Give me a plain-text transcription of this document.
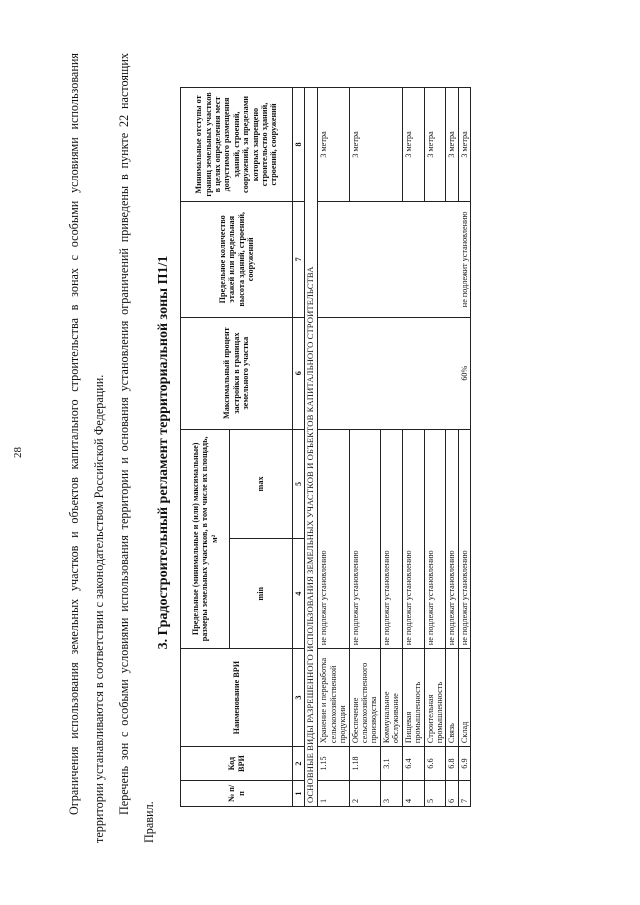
28	Ограничения использования земельных участков и объектов капитального строительства в зонах с особыми условиями использования территории устанавливаются в соответствии с законодательством Российской Федерации. Перечень зон с особыми условиями использования территории и основания установления ограничений приведены в пункте 22 настоящих Правил.

3. Градостроительный регламент территориальной зоны П1/1
№ п/п	Код ВРИ	Наименование ВРИ	Предельные (минимальные и (или) максимальные) размеры земельных участков, в том числе их площадь, м²		Максимальный процент застройки в границах земельного участка	Предельное количество этажей или предельная высота зданий, строений, сооружений	Минимальные отступы от границ земельных участков в целях определения мест допустимого размещения зданий, строений, сооружений, за пределами которых запрещено строительство зданий, строений, сооружений
			min	max			
1	2	3	4	5	6	7	8
ОСНОВНЫЕ ВИДЫ РАЗРЕШЕННОГО ИСПОЛЬЗОВАНИЯ ЗЕМЕЛЬНЫХ УЧАСТКОВ И ОБЪЕКТОВ КАПИТАЛЬНОГО СТРОИТЕЛЬСТВА							
1	1.15	Хранение и переработка сельскохозяйственной продукции	не подлежат установлению		60%	не подлежит установлению	3 метра
2	1.18	Обеспечение сельскохозяйственного производства	не подлежат установлению				3 метра
3	3.1	Коммунальное обслуживание	не подлежат установлению				
4	6.4	Пищевая промышленность	не подлежат установлению				3 метра
5	6.6	Строительная промышленность	не подлежат установлению				3 метра
6	6.8	Связь	не подлежат установлению				3 метра
7	6.9	Склад	не подлежат установлению				3 метра
